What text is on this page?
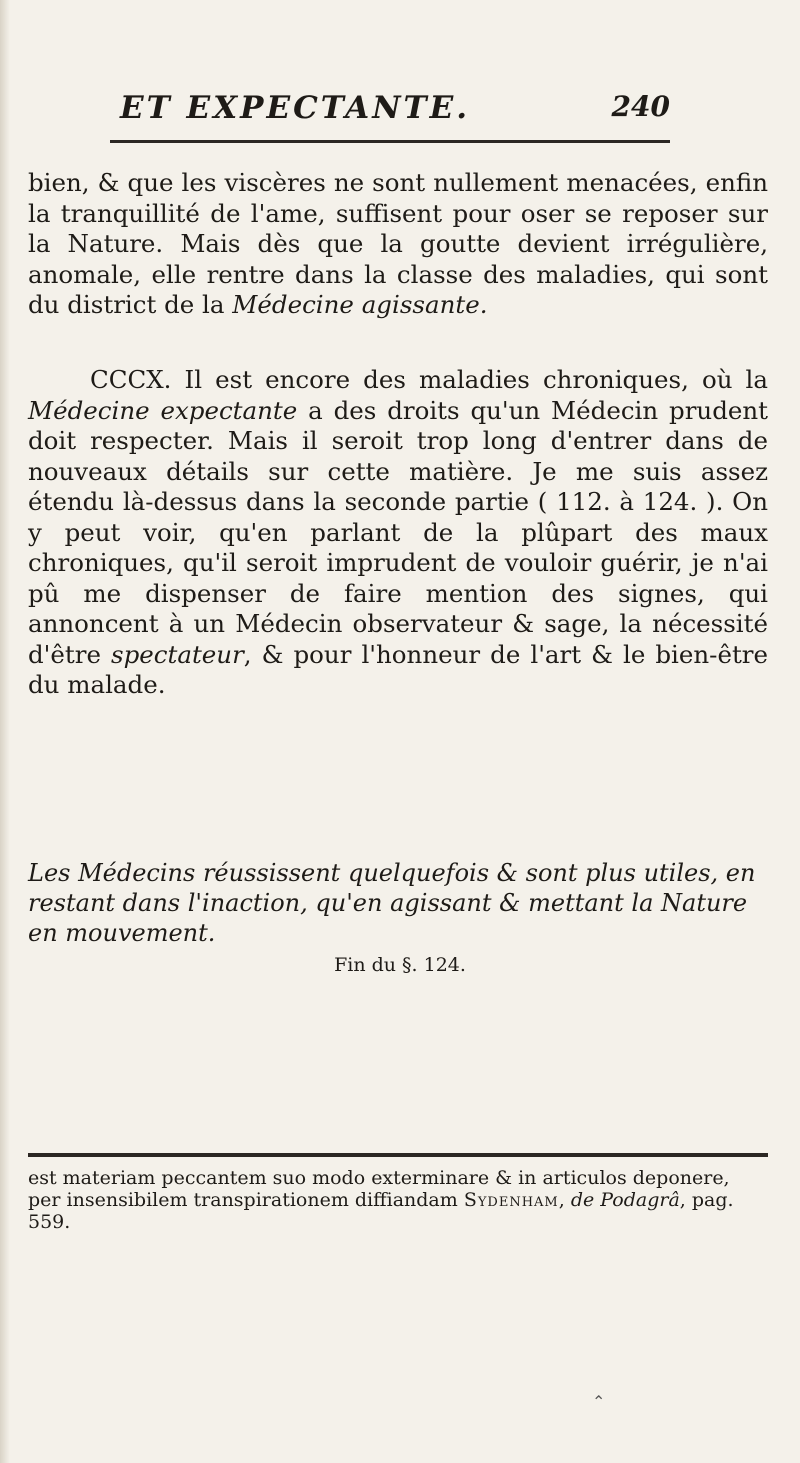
ET EXPECTANTE.	240

bien, & que les viscères ne sont nullement menacées, enfin la tranquillité de l'ame, suffisent pour oser se reposer sur la Nature. Mais dès que la goutte devient irrégulière, anomale, elle rentre dans la classe des maladies, qui sont du district de la Médecine agissante.

CCCX. Il est encore des maladies chroniques, où la Médecine expectante a des droits qu'un Médecin prudent doit respecter. Mais il seroit trop long d'entrer dans de nouveaux détails sur cette matière. Je me suis assez étendu là-dessus dans la seconde partie ( 112. à 124. ). On y peut voir, qu'en parlant de la plûpart des maux chroniques, qu'il seroit imprudent de vouloir guérir, je n'ai pû me dispenser de faire mention des signes, qui annoncent à un Médecin observateur & sage, la nécessité d'être spectateur, & pour l'honneur de l'art & le bien-être du malade.

Les Médecins réussissent quelquefois & sont plus utiles, en restant dans l'inaction, qu'en agissant & mettant la Nature en mouvement.

Fin du §. 124.

est materiam peccantem suo modo exterminare & in articulos deponere, per insensibilem transpirationem diffiandam Sydenham, de Podagrâ, pag. 559.

⌃
